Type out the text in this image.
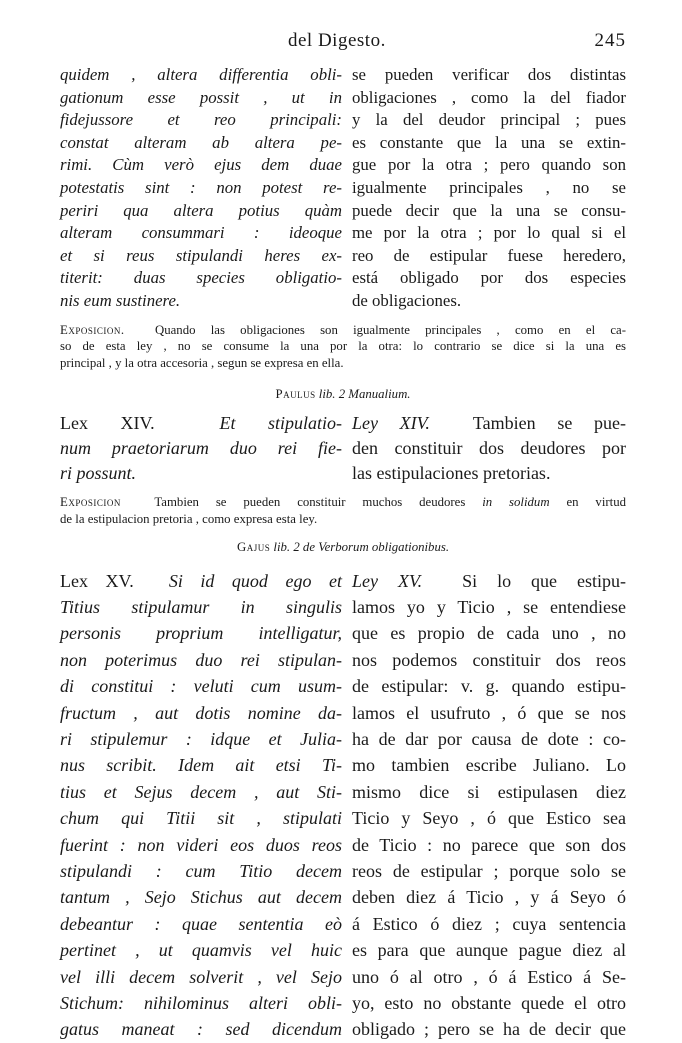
del Digesto.	245

quidem , altera differentia obli-
gationum esse possit , ut in
fidejussore et reo principali:
constat alteram ab altera pe-
rimi. Cùm verò ejus dem duae
potestatis sint : non potest re-
periri qua altera potius quàm
alteram consummari : ideoque
et si reus stipulandi heres ex-
titerit: duas species obligatio-
nis eum sustinere.

se pueden verificar dos distintas
obligaciones , como la del fiador
y la del deudor principal ; pues
es constante que la una se extin-
gue por la otra ; pero quando son
igualmente principales , no se
puede decir que la una se consu-
me por la otra ; por lo qual si el
reo de estipular fuese heredero,
está obligado por dos especies
de obligaciones.

Exposicion. Quando las obligaciones son igualmente principales , como en el ca-
so de esta ley , no se consume la una por la otra: lo contrario se dice si la una es
principal , y la otra accesoria , segun se expresa en ella.

Paulus lib. 2 Manualium.

Lex XIV.	Et stipulatio-
num praetoriarum duo rei fie-
ri possunt.

Ley XIV. Tambien se pue-
den constituir dos deudores por
las estipulaciones pretorias.

Exposicion	Tambien se pueden constituir muchos deudores in solidum en virtud
de la estipulacion pretoria , como expresa esta ley.

Gajus lib. 2 de Verborum obligationibus.

Lex XV. Si id quod ego et
Titius stipulamur in singulis
personis proprium intelligatur,
non poterimus duo rei stipulan-
di constitui : veluti cum usum-
fructum , aut dotis nomine da-
ri stipulemur : idque et Julia-
nus scribit. Idem ait etsi Ti-
tius et Sejus decem , aut Sti-
chum qui Titii sit , stipulati
fuerint : non videri eos duos reos
stipulandi : cum Titio decem
tantum , Sejo Stichus aut decem
debeantur : quae sententia eò
pertinet , ut quamvis vel huic
vel illi decem solverit , vel Sejo
Stichum: nihilominus alteri obli-
gatus maneat : sed dicendum

Ley XV. Si lo que estipu-
lamos yo y Ticio , se entendiese
que es propio de cada uno , no
nos podemos constituir dos reos
de estipular: v. g. quando estipu-
lamos el usufruto , ó que se nos
ha de dar por causa de dote : co-
mo tambien escribe Juliano. Lo
mismo dice si estipulasen diez
Ticio y Seyo , ó que Estico sea
de Ticio : no parece que son dos
reos de estipular ; porque solo se
deben diez á Ticio , y á Seyo ó
á Estico ó diez ; cuya sentencia
es para que aunque pague diez al
uno ó al otro , ó á Estico á Se-
yo, esto no obstante quede el otro
obligado ; pero se ha de decir que
